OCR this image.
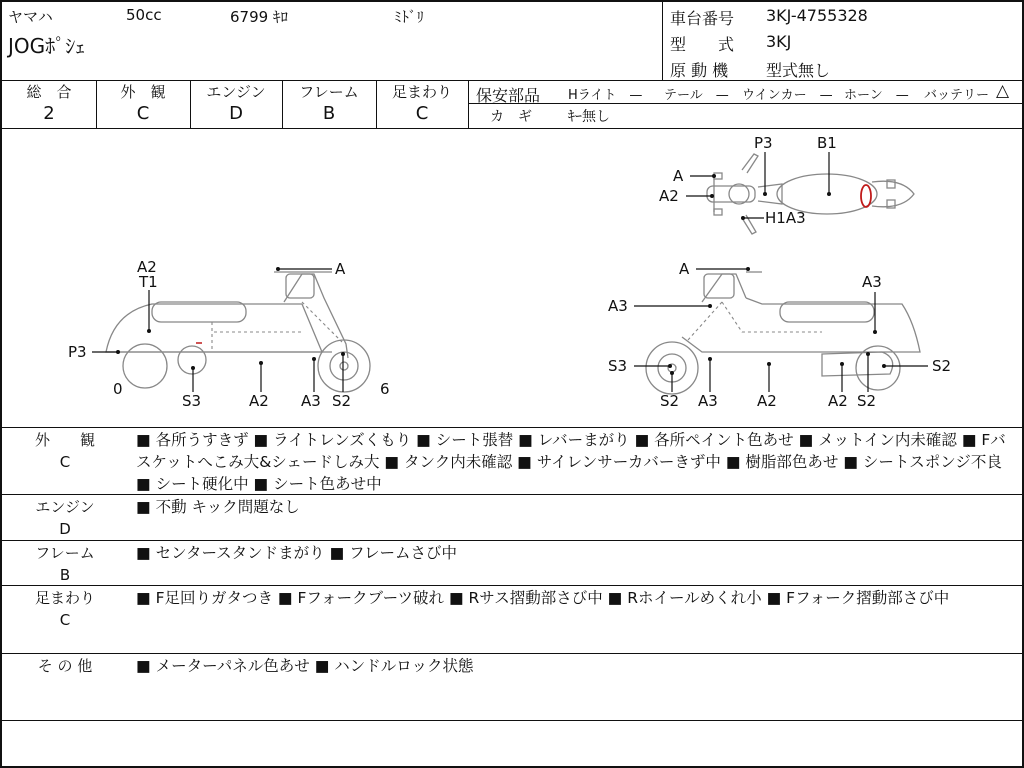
ヤマハ	50cc	6799 ｷﾛ	ﾐﾄﾞﾘ
JOGﾎﾟｼｪ
車台番号 3KJ-4755328
型　　式 3KJ
原 動 機 型式無し
総　合
2
外　観
C
エンジン
D
フレーム
B
足まわり
C
保安部品 Hライト　— テール　— ウインカー　— ホーン　— バッテリー △
カ　ギ	ｷｰ無し
A
A2
P3	B1
H1A3
A2
T1
A
P3
0	6
S3	A2 A3 S2
A
A3
A3
S3
S2 A3	A2	A2 S2
S2
外　　観
C
■ 各所うすきず ■ ライトレンズくもり ■ シート張替 ■ レバーまがり ■ 各所ペイント色あせ ■ メットイン内未確認 ■ Fバスケットへこみ大&シェードしみ大 ■ タンク内未確認 ■ サイレンサーカバーきず中 ■ 樹脂部色あせ ■ シートスポンジ不良 ■ シート硬化中 ■ シート色あせ中
エンジン
D
■ 不動 キック問題なし
フレーム
B
■ センタースタンドまがり ■ フレームさび中
足まわり
C
■ F足回りガタつき ■ Fフォークブーツ破れ ■ Rサス摺動部さび中 ■ Rホイールめくれ小 ■ Fフォーク摺動部さび中
そ の 他	■ メーターパネル色あせ ■ ハンドルロック状態
